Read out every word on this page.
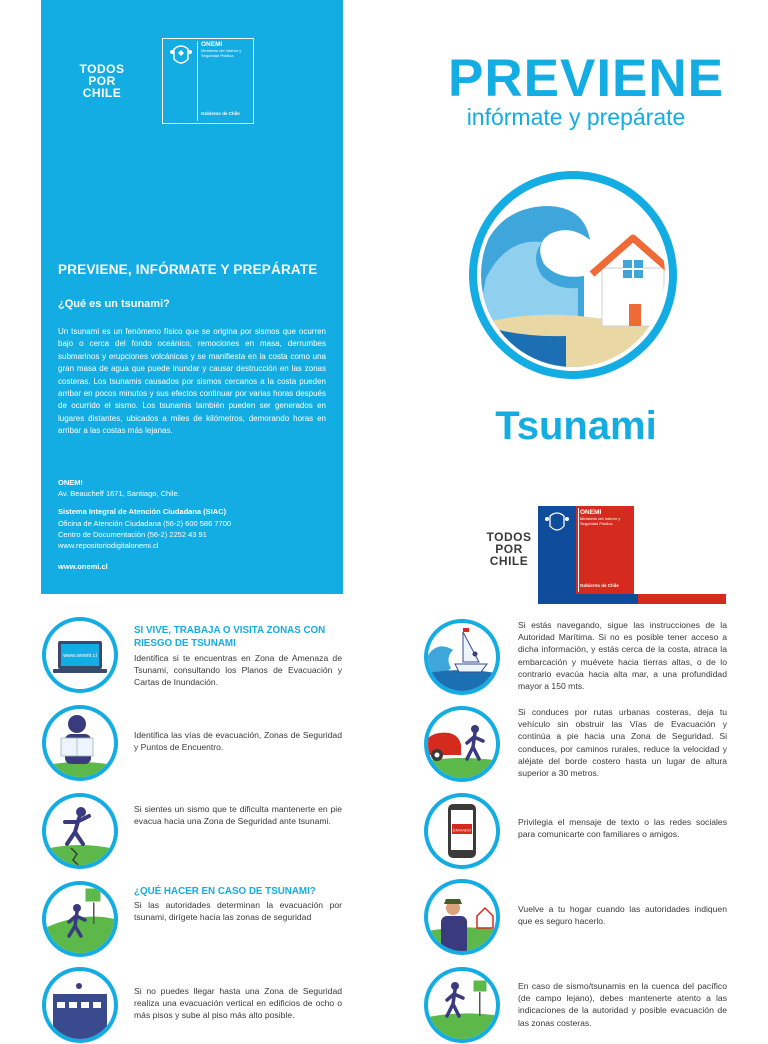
TODOS
POR
CHILE
ONEMI
Ministerio del Interior y Seguridad Pública
Gobierno de Chile
PREVIENE, INFÓRMATE Y PREPÁRATE
¿Qué es un tsunami?
Un tsunami es un fenómeno físico que se origina por sismos que ocurren bajo o cerca del fondo oceánico, remociones en masa, derrumbes submarinos y erupciones volcánicas y se manifiesta en la costa como una gran masa de agua que puede inundar y causar destrucción en las zonas costeras. Los tsunamis causados por sismos cercanos a la costa pueden arribar en pocos minutos y sus efectos continuar por varias horas después de ocurrido el sismo. Los tsunamis también pueden ser generados en lugares distantes, ubicados a miles de kilómetros, demorando horas en arribar a las costas más lejanas.
ONEMI
Av. Beaucheff 1671, Santiago, Chile.
Sistema Integral de Atención Ciudadana (SIAC)
Oficina de Atención Ciudadana (56-2) 600 586 7700
Centro de Documentación (56-2) 2252 43 91
www.repositoriodigitalonemi.cl
www.onemi.cl
PREVIENE
infórmate y prepárate
Tsunami
TODOS
POR
CHILE
ONEMI
Ministerio del Interior y Seguridad Pública
Gobierno de Chile
www.onemi.cl
SI VIVE, TRABAJA O VISITA ZONAS CON RIESGO DE TSUNAMI
Identifica si te encuentras en Zona de Amenaza de Tsunami, consultando los Planos de Evacuación y Cartas de Inundación.
Identifica las vías de evacuación, Zonas de Seguridad y Puntos de Encuentro.
Si sientes un sismo que te dificulta mantenerte en pie evacua hacia una Zona de Seguridad ante tsunami.
¿QUÉ HACER EN CASO DE TSUNAMI?
Si las autoridades determinan la evacuación por tsunami, dirígete hacia las zonas de seguridad
Si no puedes llegar hasta una Zona de Seguridad realiza una evacuación vertical en edificios de ocho o más pisos y sube al piso más alto posible.
Si estás navegando, sigue las instrucciones de la Autoridad Marítima. Si no es posible tener acceso a dicha información, y estás cerca de la costa, atraca la embarcación y muévete hacia tierras altas, o de lo contrario evacúa hacia alta mar, a una profundidad mayor a 150 mts.
Si conduces por rutas urbanas costeras, deja tu vehículo sin obstruir las Vías de Evacuación y continúa a pie hacia una Zona de Seguridad. Si conduces, por caminos rurales, reduce la velocidad y aléjate del borde costero hasta un lugar de altura superior a 30 metros.
ENVIADO
Privilegia el mensaje de texto o las redes sociales para comunicarte con familiares o amigos.
Vuelve a tu hogar cuando las autoridades indiquen que es seguro hacerlo.
En caso de sismo/tsunamis en la cuenca del pacífico (de campo lejano), debes mantenerte atento a las indicaciones de la autoridad y posible evacuación de las zonas costeras.
